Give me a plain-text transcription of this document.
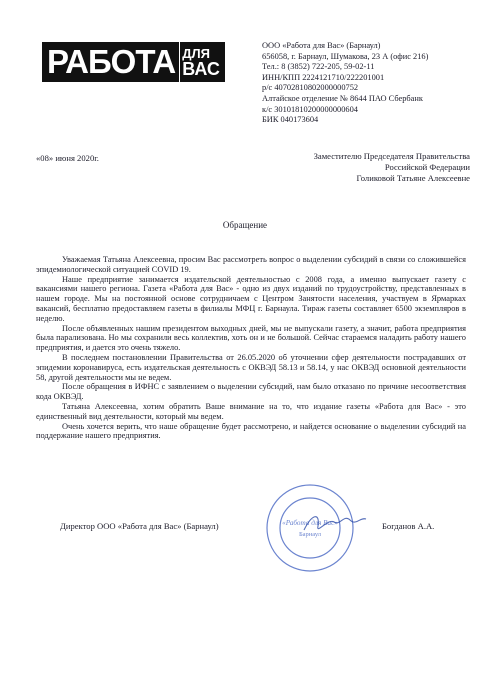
РАБОТА ДЛЯ
ВАС
ООО «Работа для Вас» (Барнаул)
656058, г. Барнаул, Шумакова, 23 А (офис 216)
Тел.: 8 (3852) 722-205, 59-02-11
ИНН/КПП 2224121710/222201001
р/с 40702810802000000752
Алтайское отделение № 8644 ПАО Сбербанк
к/с 30101810200000000604
БИК 040173604
«08» июня 2020г.	Заместителю Председателя Правительства
Российской Федерации
Голиковой Татьяне Алексеевне
Обращение

Уважаемая Татьяна Алексеевна, просим Вас рассмотреть вопрос о выделении субсидий в связи со сложившейся эпидемиологической ситуацией COVID 19.

Наше предприятие занимается издательской деятельностью с 2008 года, а именно выпускает газету с вакансиями нашего региона. Газета «Работа для Вас» - одно из двух изданий по трудоустройству, представленных в нашем городе. Мы на постоянной основе сотрудничаем с Центром Занятости населения, участвуем в Ярмарках вакансий, бесплатно предоставляем газеты в филиалы МФЦ г. Барнаула. Тираж газеты составляет 6500 экземпляров в неделю.

После объявленных нашим президентом выходных дней, мы не выпускали газету, а значит, работа предприятия была парализована. Но мы сохранили весь коллектив, хоть он и не большой. Сейчас стараемся наладить работу нашего предприятия, и дается это очень тяжело.

В последнем постановлении Правительства от 26.05.2020 об уточнении сфер деятельности пострадавших от эпидемии коронавируса, есть издательская деятельность с ОКВЭД 58.13 и 58.14, у нас ОКВЭД основной деятельности 58, другой деятельности мы не ведем.

После обращения в ИФНС с заявлением о выделении субсидий, нам было отказано по причине несоответствия кода ОКВЭД.

Татьяна Алексеевна, хотим обратить Ваше внимание на то, что издание газеты «Работа для Вас» - это единственный вид деятельности, который мы ведем.

Очень хочется верить, что наше обращение будет рассмотрено, и найдется основание о выделении субсидий на поддержание нашего предприятия.

«Работа для Вас»
Барнаул
Директор ООО «Работа для Вас» (Барнаул)	Богданов А.А.
